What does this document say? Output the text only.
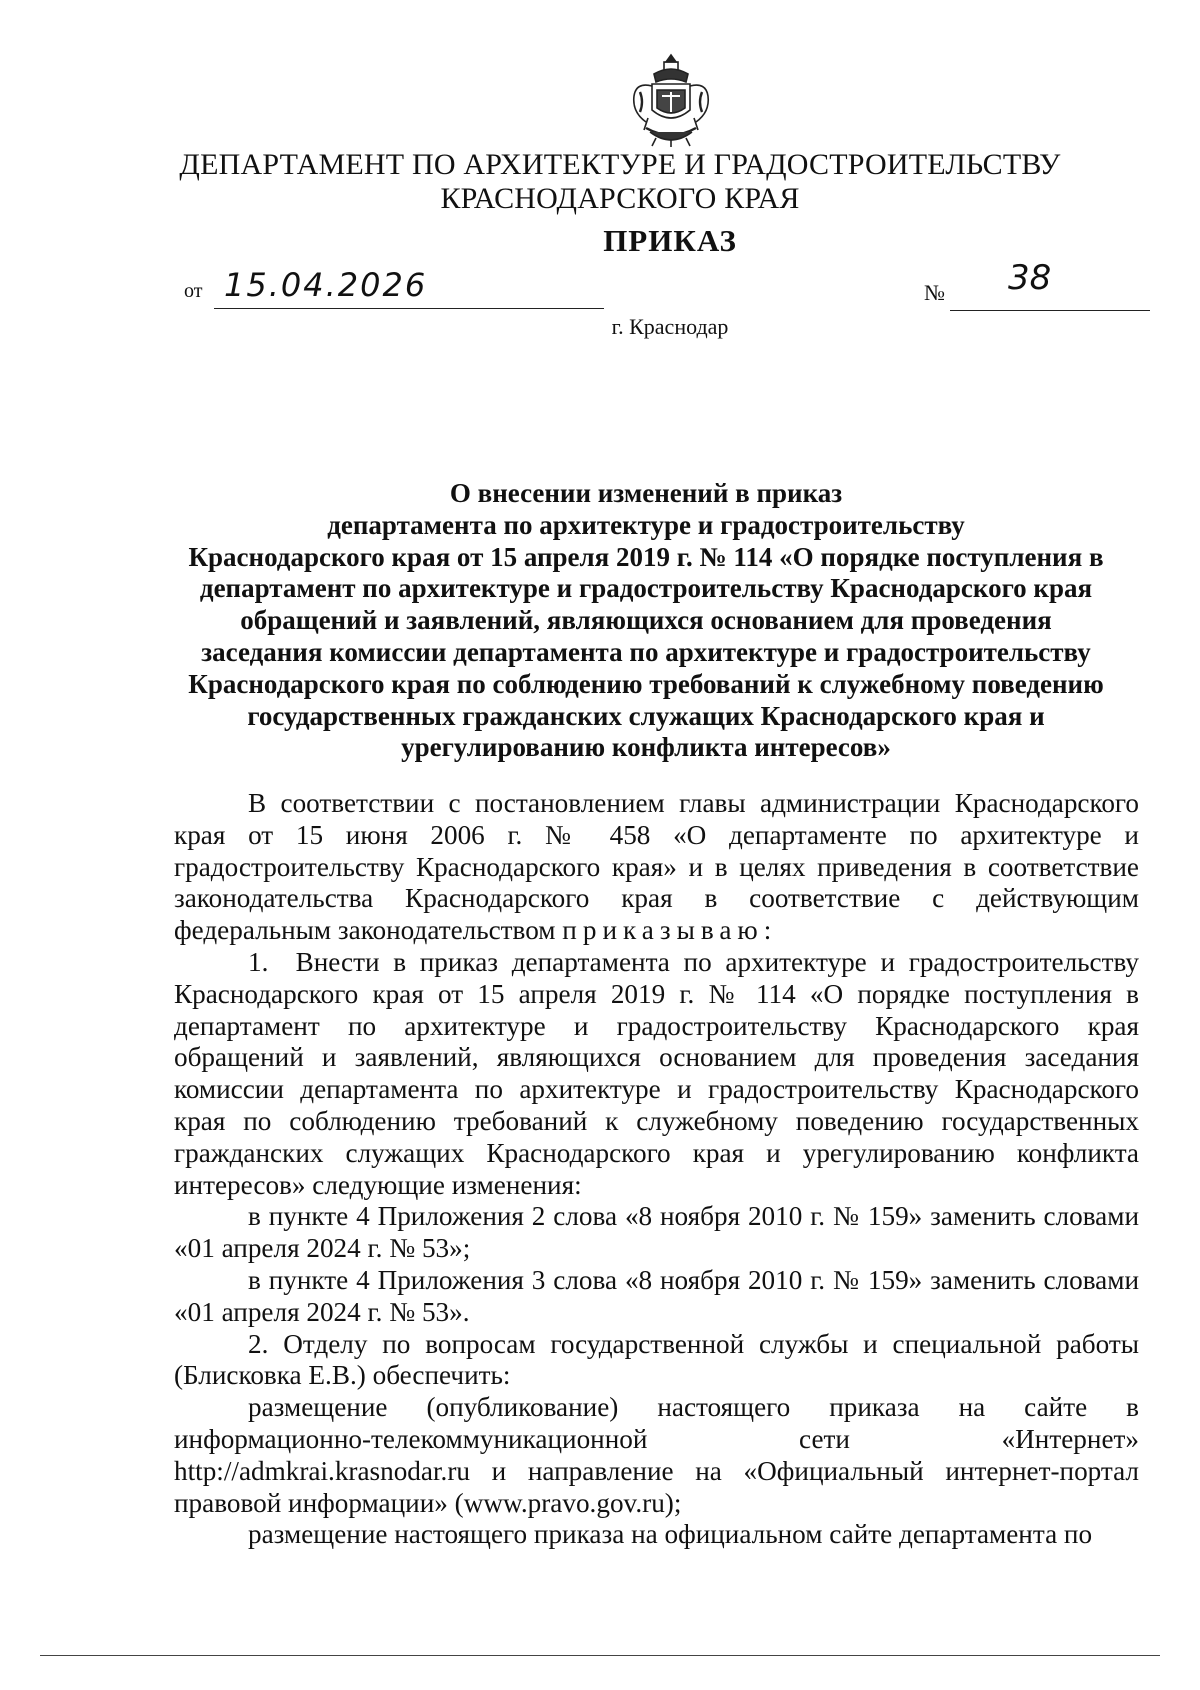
ДЕПАРТАМЕНТ ПО АРХИТЕКТУРЕ И ГРАДОСТРОИТЕЛЬСТВУ
КРАСНОДАРСКОГО КРАЯ
ПРИКАЗ
от 15.04.2026	№ 38
г. Краснодар
О внесении изменений в приказ
департамента по архитектуре и градостроительству
Краснодарского края от 15 апреля 2019 г. № 114 «О порядке поступления в
департамент по архитектуре и градостроительству Краснодарского края
обращений и заявлений, являющихся основанием для проведения
заседания комиссии департамента по архитектуре и градостроительству
Краснодарского края по соблюдению требований к служебному поведению
государственных гражданских служащих Краснодарского края и
урегулированию конфликта интересов»

В соответствии с постановлением главы администрации Краснодарского края от 15 июня 2006 г. № 458 «О департаменте по архитектуре и градостроительству Краснодарского края» и в целях приведения в соответствие законодательства Краснодарского края в соответствие с действующим федеральным законодательством приказываю:

1. Внести в приказ департамента по архитектуре и градостроительству Краснодарского края от 15 апреля 2019 г. № 114 «О порядке поступления в департамент по архитектуре и градостроительству Краснодарского края обращений и заявлений, являющихся основанием для проведения заседания комиссии департамента по архитектуре и градостроительству Краснодарского края по соблюдению требований к служебному поведению государственных гражданских служащих Краснодарского края и урегулированию конфликта интересов» следующие изменения:

в пункте 4 Приложения 2 слова «8 ноября 2010 г. № 159» заменить словами «01 апреля 2024 г. № 53»;

в пункте 4 Приложения 3 слова «8 ноября 2010 г. № 159» заменить словами «01 апреля 2024 г. № 53».

2. Отделу по вопросам государственной службы и специальной работы (Блисковка Е.В.) обеспечить:

размещение (опубликование) настоящего приказа на сайте в информационно-телекоммуникационной сети «Интернет» http://admkrai.krasnodar.ru и направление на «Официальный интернет-портал правовой информации» (www.pravo.gov.ru);

размещение настоящего приказа на официальном сайте департамента по
